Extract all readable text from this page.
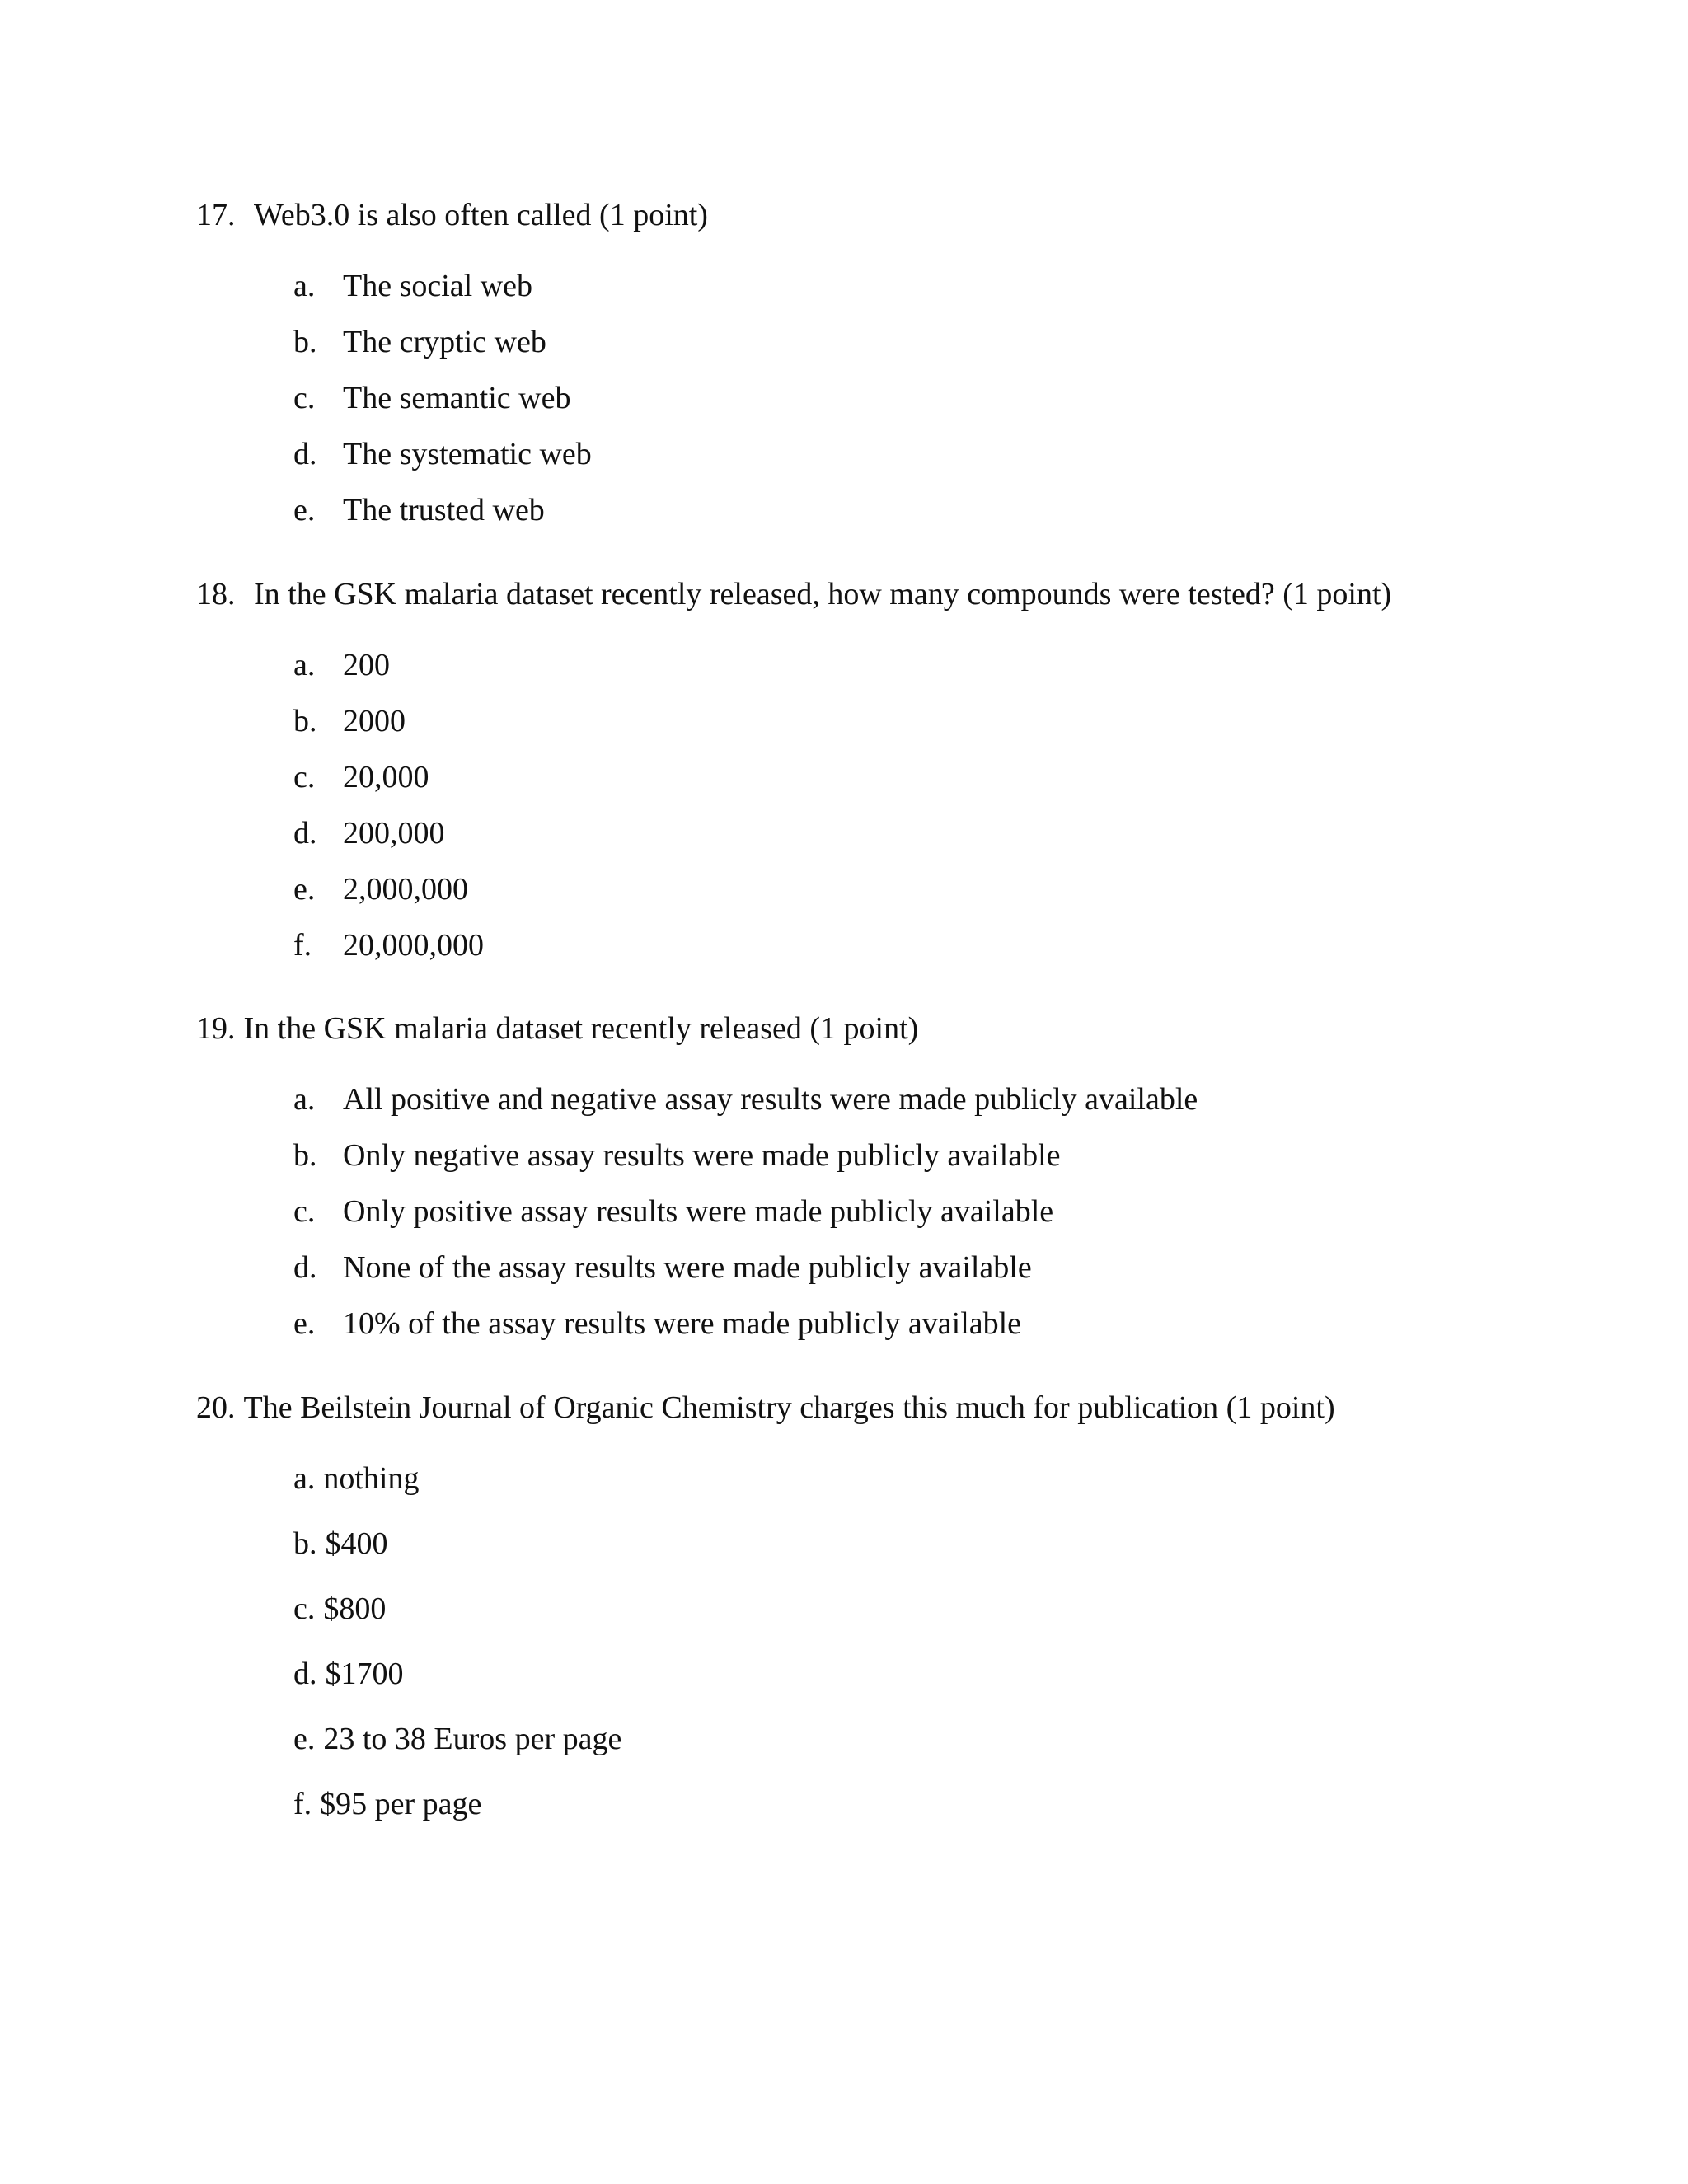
17. Web3.0 is also often called (1 point)
a. The social web
b. The cryptic web
c. The semantic web
d. The systematic web
e. The trusted web
18. In the GSK malaria dataset recently released, how many compounds were tested? (1 point)
a. 200
b. 2000
c. 20,000
d. 200,000
e. 2,000,000
f. 20,000,000
19. In the GSK malaria dataset recently released (1 point)
a. All positive and negative assay results were made publicly available
b. Only negative assay results were made publicly available
c. Only positive assay results were made publicly available
d. None of the assay results were made publicly available
e. 10% of the assay results were made publicly available
20. The Beilstein Journal of Organic Chemistry charges this much for publication (1 point)
a. nothing
b. $400
c. $800
d. $1700
e. 23 to 38 Euros per page
f. $95 per page
